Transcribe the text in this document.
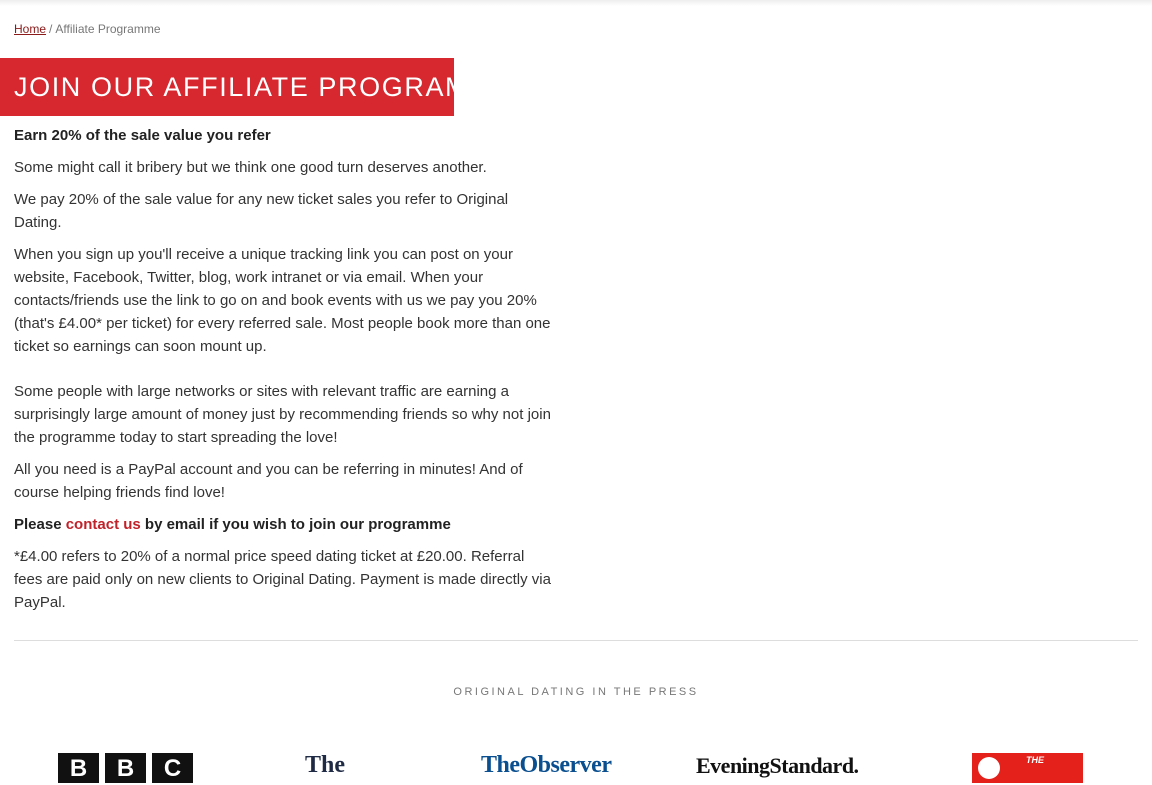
Home / Affiliate Programme
JOIN OUR AFFILIATE PROGRAMME

Earn 20% of the sale value you refer

Some might call it bribery but we think one good turn deserves another.

We pay 20% of the sale value for any new ticket sales you refer to Original Dating.

When you sign up you'll receive a unique tracking link you can post on your website, Facebook, Twitter, blog, work intranet or via email. When your contacts/friends use the link to go on and book events with us we pay you 20% (that's £4.00* per ticket) for every referred sale. Most people book more than one ticket so earnings can soon mount up.

Some people with large networks or sites with relevant traffic are earning a surprisingly large amount of money just by recommending friends so why not join the programme today to start spreading the love!

All you need is a PayPal account and you can be referring in minutes! And of course helping friends find love!

Please contact us by email if you wish to join our programme

*£4.00 refers to 20% of a normal price speed dating ticket at £20.00. Referral fees are paid only on new clients to Original Dating. Payment is made directly via PayPal.

ORIGINAL DATING IN THE PRESS
B	B	C	The	TheObserver	EveningStandard.	THE
